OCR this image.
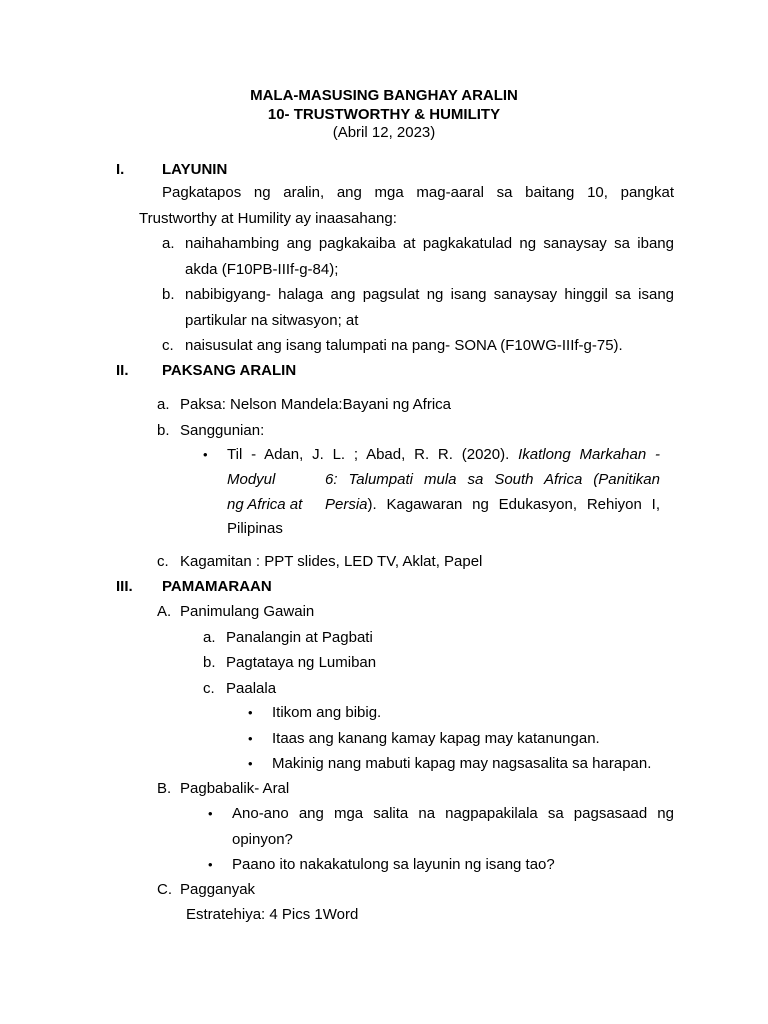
MALA-MASUSING BANGHAY ARALIN
10- TRUSTWORTHY & HUMILITY
(Abril 12, 2023)
I.	LAYUNIN
Pagkatapos ng aralin, ang mga mag-aaral sa baitang 10, pangkat
Trustworthy at Humility ay inaasahang:
a. naihahambing ang pagkakaiba at pagkakatulad ng sanaysay sa ibang
akda (F10PB-IIIf-g-84);
b. nabibigyang- halaga ang pagsulat ng isang sanaysay hinggil sa isang
partikular na sitwasyon; at
c. naisusulat ang isang talumpati na pang- SONA (F10WG-IIIf-g-75).
II. PAKSANG ARALIN
a. Paksa: Nelson Mandela:Bayani ng Africa
b. Sanggunian:
• Til - Adan, J. L. ; Abad, R. R. (2020). Ikatlong Markahan -
Modyul	6: Talumpati mula sa South Africa (Panitikan
ng Africa at Persia). Kagawaran ng Edukasyon, Rehiyon I,
Pilipinas
c. Kagamitan : PPT slides, LED TV, Aklat, Papel
III. PAMAMARAAN
A. Panimulang Gawain
a. Panalangin at Pagbati
b. Pagtataya ng Lumiban
c. Paalala
• Itikom ang bibig.
• Itaas ang kanang kamay kapag may katanungan.
• Makinig nang mabuti kapag may nagsasalita sa harapan.
B. Pagbabalik- Aral
• Ano-ano ang mga salita na nagpapakilala sa pagsasaad ng
opinyon?
• Paano ito nakakatulong sa layunin ng isang tao?
C. Pagganyak
Estratehiya: 4 Pics 1Word
